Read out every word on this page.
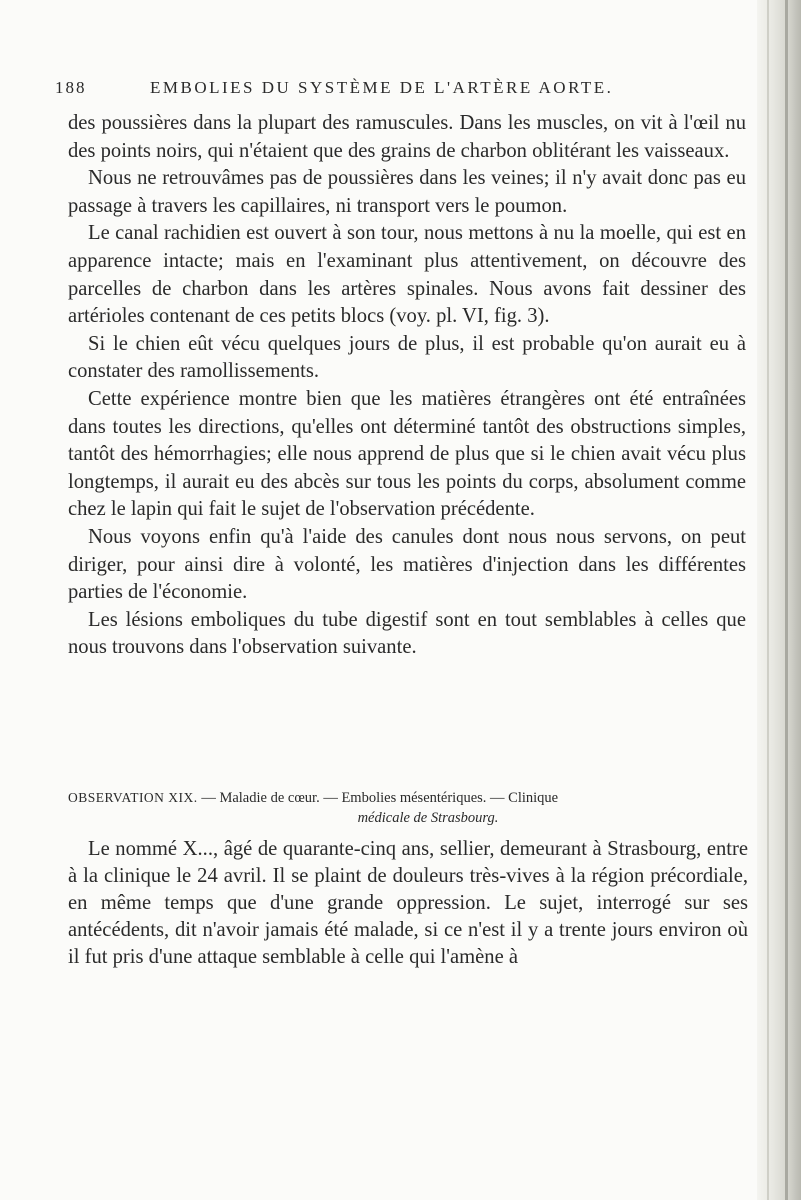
188	EMBOLIES DU SYSTÈME DE L'ARTÈRE AORTE.

des poussières dans la plupart des ramuscules. Dans les muscles, on vit à l'œil nu des points noirs, qui n'étaient que des grains de charbon oblitérant les vaisseaux.

Nous ne retrouvâmes pas de poussières dans les veines; il n'y avait donc pas eu passage à travers les capillaires, ni transport vers le poumon.

Le canal rachidien est ouvert à son tour, nous mettons à nu la moelle, qui est en apparence intacte; mais en l'examinant plus attentivement, on découvre des parcelles de charbon dans les artères spinales. Nous avons fait dessiner des artérioles contenant de ces petits blocs (voy. pl. VI, fig. 3).

Si le chien eût vécu quelques jours de plus, il est probable qu'on aurait eu à constater des ramollissements.

Cette expérience montre bien que les matières étrangères ont été entraînées dans toutes les directions, qu'elles ont déterminé tantôt des obstructions simples, tantôt des hémorrhagies; elle nous apprend de plus que si le chien avait vécu plus longtemps, il aurait eu des abcès sur tous les points du corps, absolument comme chez le lapin qui fait le sujet de l'observation précédente.

Nous voyons enfin qu'à l'aide des canules dont nous nous servons, on peut diriger, pour ainsi dire à volonté, les matières d'injection dans les différentes parties de l'économie.

Les lésions emboliques du tube digestif sont en tout semblables à celles que nous trouvons dans l'observation suivante.

OBSERVATION XIX. — Maladie de cœur. — Embolies mésentériques. — Clinique
médicale de Strasbourg.

Le nommé X..., âgé de quarante-cinq ans, sellier, demeurant à Strasbourg, entre à la clinique le 24 avril. Il se plaint de douleurs très-vives à la région précordiale, en même temps que d'une grande oppression. Le sujet, interrogé sur ses antécédents, dit n'avoir jamais été malade, si ce n'est il y a trente jours environ où il fut pris d'une attaque semblable à celle qui l'amène à
